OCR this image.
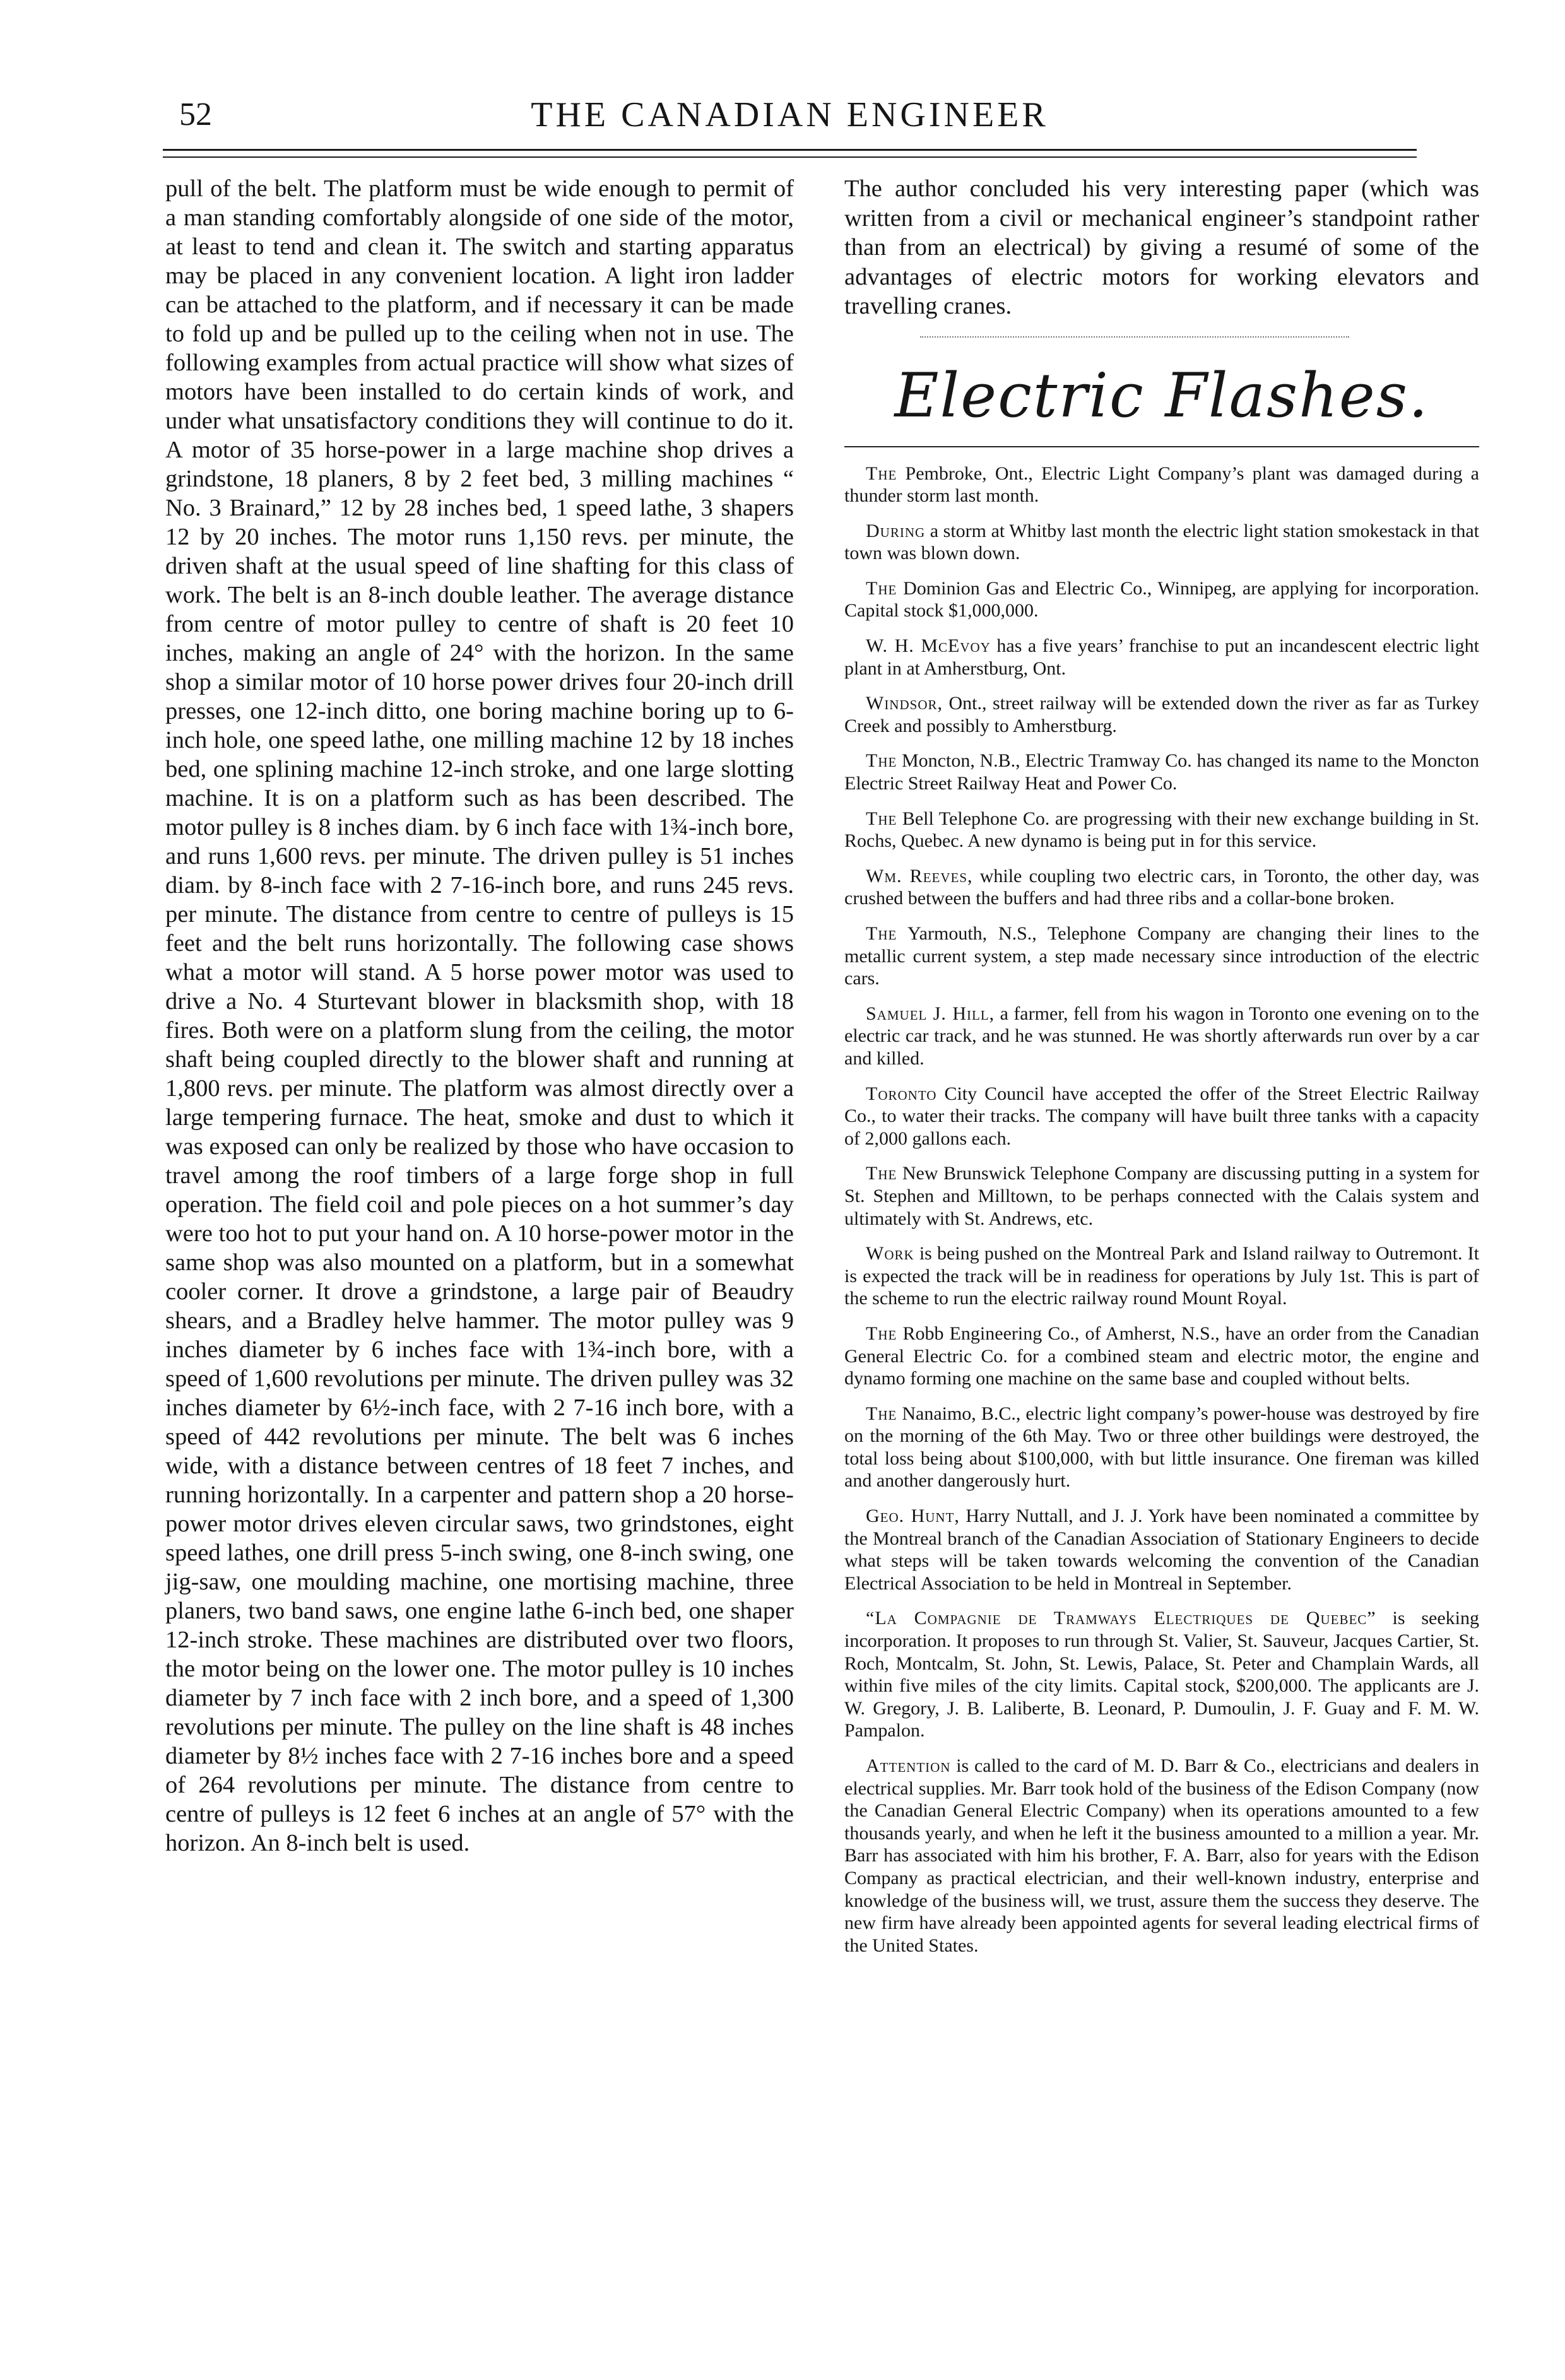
52	THE CANADIAN ENGINEER

pull of the belt. The platform must be wide enough to permit of a man standing comfortably alongside of one side of the motor, at least to tend and clean it. The switch and starting apparatus may be placed in any convenient location. A light iron ladder can be attached to the platform, and if necessary it can be made to fold up and be pulled up to the ceiling when not in use. The following examples from actual practice will show what sizes of motors have been installed to do certain kinds of work, and under what unsatisfactory conditions they will continue to do it. A motor of 35 horse-power in a large machine shop drives a grindstone, 18 planers, 8 by 2 feet bed, 3 milling machines “ No. 3 Brainard,” 12 by 28 inches bed, 1 speed lathe, 3 shapers 12 by 20 inches. The motor runs 1,150 revs. per minute, the driven shaft at the usual speed of line shafting for this class of work. The belt is an 8-inch double leather. The average distance from centre of motor pulley to centre of shaft is 20 feet 10 inches, making an angle of 24° with the horizon. In the same shop a similar motor of 10 horse power drives four 20-inch drill presses, one 12-inch ditto, one boring machine boring up to 6-inch hole, one speed lathe, one milling machine 12 by 18 inches bed, one splining machine 12-inch stroke, and one large slotting machine. It is on a platform such as has been described. The motor pulley is 8 inches diam. by 6 inch face with 1¾-inch bore, and runs 1,600 revs. per minute. The driven pulley is 51 inches diam. by 8-inch face with 2 7-16-inch bore, and runs 245 revs. per minute. The distance from centre to centre of pulleys is 15 feet and the belt runs horizontally. The following case shows what a motor will stand. A 5 horse power motor was used to drive a No. 4 Sturtevant blower in blacksmith shop, with 18 fires. Both were on a platform slung from the ceiling, the motor shaft being coupled directly to the blower shaft and running at 1,800 revs. per minute. The platform was almost directly over a large tempering furnace. The heat, smoke and dust to which it was exposed can only be realized by those who have occasion to travel among the roof timbers of a large forge shop in full operation. The field coil and pole pieces on a hot summer’s day were too hot to put your hand on. A 10 horse-power motor in the same shop was also mounted on a platform, but in a somewhat cooler corner. It drove a grindstone, a large pair of Beaudry shears, and a Bradley helve hammer. The motor pulley was 9 inches diameter by 6 inches face with 1¾-inch bore, with a speed of 1,600 revolutions per minute. The driven pulley was 32 inches diameter by 6½-inch face, with 2 7-16 inch bore, with a speed of 442 revolutions per minute. The belt was 6 inches wide, with a distance between centres of 18 feet 7 inches, and running horizontally. In a carpenter and pattern shop a 20 horse-power motor drives eleven circular saws, two grindstones, eight speed lathes, one drill press 5-inch swing, one 8-inch swing, one jig-saw, one moulding machine, one mortising machine, three planers, two band saws, one engine lathe 6-inch bed, one shaper 12-inch stroke. These machines are distributed over two floors, the motor being on the lower one. The motor pulley is 10 inches diameter by 7 inch face with 2 inch bore, and a speed of 1,300 revolutions per minute. The pulley on the line shaft is 48 inches diameter by 8½ inches face with 2 7-16 inches bore and a speed of 264 revolutions per minute. The distance from centre to centre of pulleys is 12 feet 6 inches at an angle of 57° with the horizon. An 8-inch belt is used.

The author concluded his very interesting paper (which was written from a civil or mechanical engineer’s standpoint rather than from an electrical) by giving a resumé of some of the advantages of electric motors for working elevators and travelling cranes.

Electric Flashes.

The Pembroke, Ont., Electric Light Company’s plant was damaged during a thunder storm last month.

During a storm at Whitby last month the electric light station smokestack in that town was blown down.

The Dominion Gas and Electric Co., Winnipeg, are applying for incorporation. Capital stock $1,000,000.

W. H. McEvoy has a five years’ franchise to put an incandescent electric light plant in at Amherstburg, Ont.

Windsor, Ont., street railway will be extended down the river as far as Turkey Creek and possibly to Amherstburg.

The Moncton, N.B., Electric Tramway Co. has changed its name to the Moncton Electric Street Railway Heat and Power Co.

The Bell Telephone Co. are progressing with their new exchange building in St. Rochs, Quebec. A new dynamo is being put in for this service.

Wm. Reeves, while coupling two electric cars, in Toronto, the other day, was crushed between the buffers and had three ribs and a collar-bone broken.

The Yarmouth, N.S., Telephone Company are changing their lines to the metallic current system, a step made necessary since introduction of the electric cars.

Samuel J. Hill, a farmer, fell from his wagon in Toronto one evening on to the electric car track, and he was stunned. He was shortly afterwards run over by a car and killed.

Toronto City Council have accepted the offer of the Street Electric Railway Co., to water their tracks. The company will have built three tanks with a capacity of 2,000 gallons each.

The New Brunswick Telephone Company are discussing putting in a system for St. Stephen and Milltown, to be perhaps connected with the Calais system and ultimately with St. Andrews, etc.

Work is being pushed on the Montreal Park and Island railway to Outremont. It is expected the track will be in readiness for operations by July 1st. This is part of the scheme to run the electric railway round Mount Royal.

The Robb Engineering Co., of Amherst, N.S., have an order from the Canadian General Electric Co. for a combined steam and electric motor, the engine and dynamo forming one machine on the same base and coupled without belts.

The Nanaimo, B.C., electric light company’s power-house was destroyed by fire on the morning of the 6th May. Two or three other buildings were destroyed, the total loss being about $100,000, with but little insurance. One fireman was killed and another dangerously hurt.

Geo. Hunt, Harry Nuttall, and J. J. York have been nominated a committee by the Montreal branch of the Canadian Association of Stationary Engineers to decide what steps will be taken towards welcoming the convention of the Canadian Electrical Association to be held in Montreal in September.

“La Compagnie de Tramways Electriques de Quebec” is seeking incorporation. It proposes to run through St. Valier, St. Sauveur, Jacques Cartier, St. Roch, Montcalm, St. John, St. Lewis, Palace, St. Peter and Champlain Wards, all within five miles of the city limits. Capital stock, $200,000. The applicants are J. W. Gregory, J. B. Laliberte, B. Leonard, P. Dumoulin, J. F. Guay and F. M. W. Pampalon.

Attention is called to the card of M. D. Barr & Co., electricians and dealers in electrical supplies. Mr. Barr took hold of the business of the Edison Company (now the Canadian General Electric Company) when its operations amounted to a few thousands yearly, and when he left it the business amounted to a million a year. Mr. Barr has associated with him his brother, F. A. Barr, also for years with the Edison Company as practical electrician, and their well-known industry, enterprise and knowledge of the business will, we trust, assure them the success they deserve. The new firm have already been appointed agents for several leading electrical firms of the United States.
